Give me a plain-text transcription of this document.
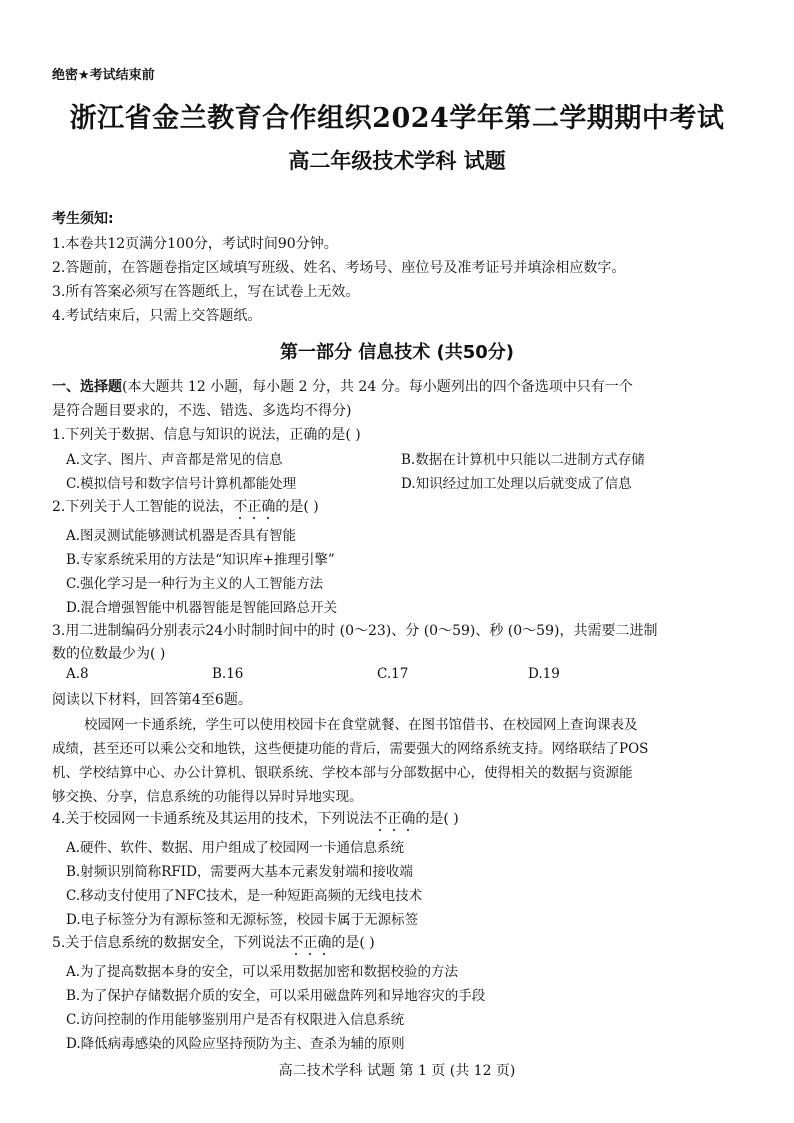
绝密★考试结束前
浙江省金兰教育合作组织2024学年第二学期期中考试
高二年级技术学科 试题
考生须知:
1.本卷共12页满分100分，考试时间90分钟。
2.答题前，在答题卷指定区域填写班级、姓名、考场号、座位号及准考证号并填涂相应数字。
3.所有答案必须写在答题纸上，写在试卷上无效。
4.考试结束后，只需上交答题纸。
第一部分 信息技术 (共50分)
一、选择题(本大题共 12 小题，每小题 2 分，共 24 分。每小题列出的四个备选项中只有一个
是符合题目要求的，不选、错选、多选均不得分)
1.下列关于数据、信息与知识的说法，正确的是( )
A.文字、图片、声音都是常见的信息	B.数据在计算机中只能以二进制方式存储
C.模拟信号和数字信号计算机都能处理	D.知识经过加工处理以后就变成了信息
2.下列关于人工智能的说法，不正确的是( )
A.图灵测试能够测试机器是否具有智能
B.专家系统采用的方法是“知识库+推理引擎”
C.强化学习是一种行为主义的人工智能方法
D.混合增强智能中机器智能是智能回路总开关
3.用二进制编码分别表示24小时制时间中的时 (0～23)、分 (0～59)、秒 (0～59)，共需要二进制
数的位数最少为( )
A.8	B.16	C.17	D.19
阅读以下材料，回答第4至6题。
校园网一卡通系统，学生可以使用校园卡在食堂就餐、在图书馆借书、在校园网上查询课表及
成绩，甚至还可以乘公交和地铁，这些便捷功能的背后，需要强大的网络系统支持。网络联结了POS
机、学校结算中心、办公计算机、银联系统、学校本部与分部数据中心，使得相关的数据与资源能
够交换、分享，信息系统的功能得以异时异地实现。
4.关于校园网一卡通系统及其运用的技术，下列说法不正确的是( )
A.硬件、软件、数据、用户组成了校园网一卡通信息系统
B.射频识别简称RFID，需要两大基本元素发射端和接收端
C.移动支付使用了NFC技术，是一种短距高频的无线电技术
D.电子标签分为有源标签和无源标签，校园卡属于无源标签
5.关于信息系统的数据安全，下列说法不正确的是( )
A.为了提高数据本身的安全，可以采用数据加密和数据校验的方法
B.为了保护存储数据介质的安全，可以采用磁盘阵列和异地容灾的手段
C.访问控制的作用能够鉴别用户是否有权限进入信息系统
D.降低病毒感染的风险应坚持预防为主、查杀为辅的原则
高二技术学科 试题 第 1 页 (共 12 页)
